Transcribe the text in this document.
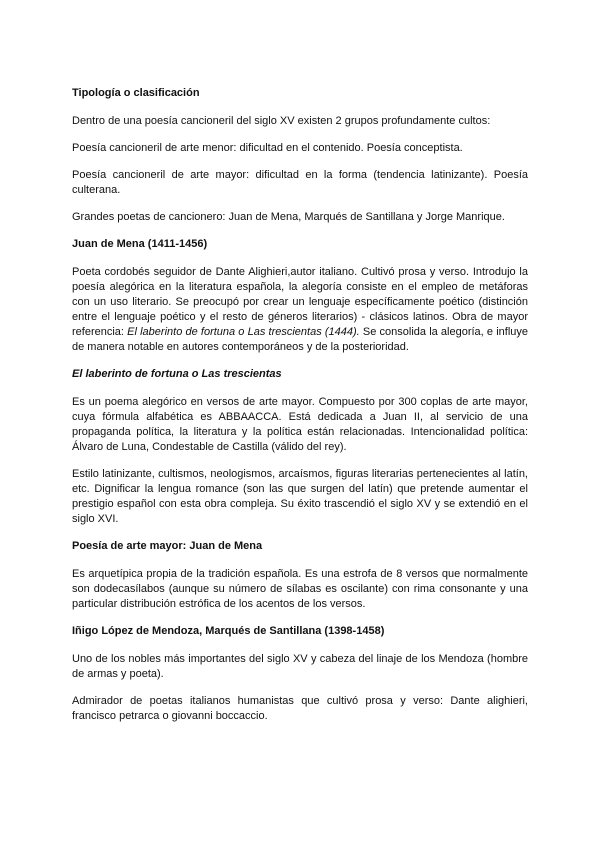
Tipología o clasificación

Dentro de una poesía cancioneril del siglo XV existen 2 grupos profundamente cultos:

Poesía cancioneril de arte menor: dificultad en el contenido. Poesía conceptista.

Poesía cancioneril de arte mayor: dificultad en la forma (tendencia latinizante). Poesía culterana.

Grandes poetas de cancionero: Juan de Mena, Marqués de Santillana y Jorge Manrique.

Juan de Mena (1411-1456)

Poeta cordobés seguidor de Dante Alighieri,autor italiano. Cultivó prosa y verso. Introdujo la poesía alegórica en la literatura española, la alegoría consiste en el empleo de metáforas con un uso literario. Se preocupó por crear un lenguaje específicamente poético (distinción entre el lenguaje poético y el resto de géneros literarios) - clásicos latinos. Obra de mayor referencia: El laberinto de fortuna o Las trescientas (1444). Se consolida la alegoría, e influye de manera notable en autores contemporáneos y de la posterioridad.

El laberinto de fortuna o Las trescientas

Es un poema alegórico en versos de arte mayor. Compuesto por 300 coplas de arte mayor, cuya fórmula alfabética es ABBAACCA. Está dedicada a Juan II, al servicio de una propaganda política, la literatura y la política están relacionadas. Intencionalidad política: Álvaro de Luna, Condestable de Castilla (válido del rey).

Estilo latinizante, cultismos, neologismos, arcaísmos, figuras literarias pertenecientes al latín, etc. Dignificar la lengua romance (son las que surgen del latín) que pretende aumentar el prestigio español con esta obra compleja. Su éxito trascendió el siglo XV y se extendió en el siglo XVI.

Poesía de arte mayor: Juan de Mena

Es arquetípica propia de la tradición española. Es una estrofa de 8 versos que normalmente son dodecasílabos (aunque su número de sílabas es oscilante) con rima consonante y una particular distribución estrófica de los acentos de los versos.

Iñigo López de Mendoza, Marqués de Santillana (1398-1458)

Uno de los nobles más importantes del siglo XV y cabeza del linaje de los Mendoza (hombre de armas y poeta).

Admirador de poetas italianos humanistas que cultivó prosa y verso: Dante alighieri, francisco petrarca o giovanni boccaccio.
